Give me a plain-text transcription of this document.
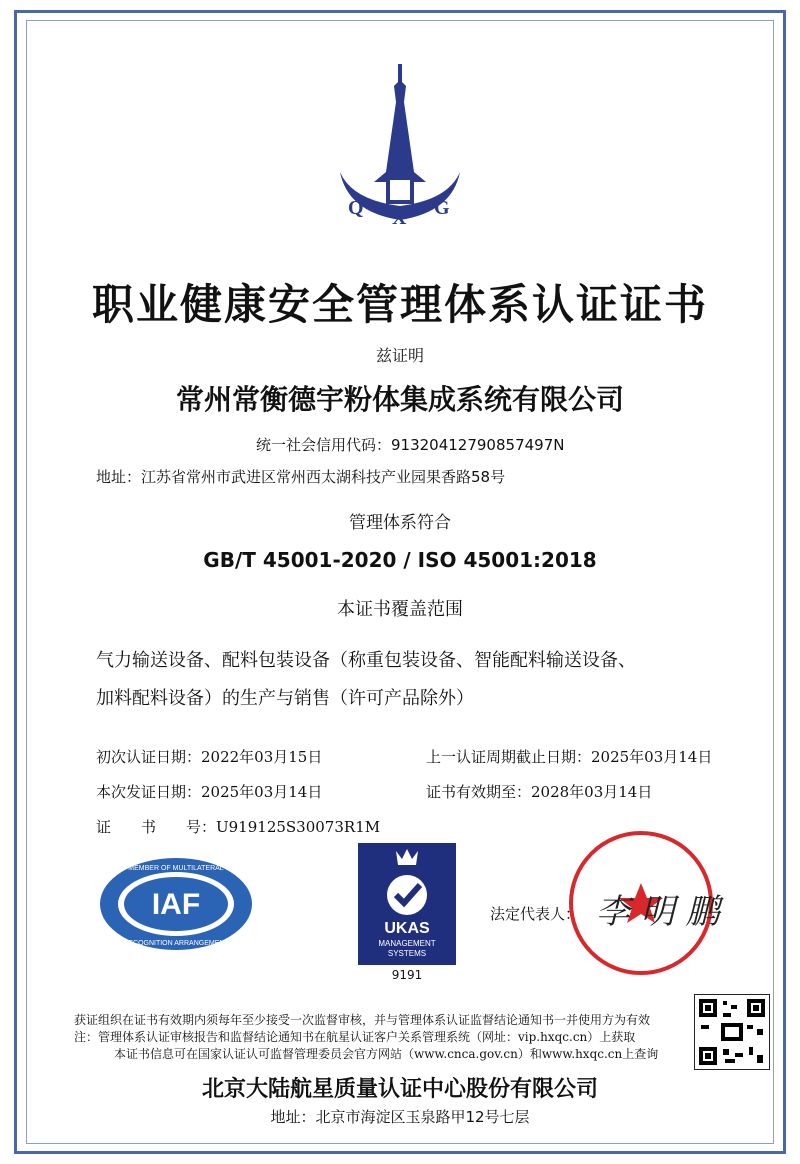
Q X G
职业健康安全管理体系认证证书
兹证明
常州常衡德宇粉体集成系统有限公司
统一社会信用代码：91320412790857497N
地址：江苏省常州市武进区常州西太湖科技产业园果香路58号
管理体系符合
GB/T 45001-2020 / ISO 45001:2018
本证书覆盖范围
气力输送设备、配料包装设备（称重包装设备、智能配料输送设备、
加料配料设备）的生产与销售（许可产品除外）
初次认证日期：2022年03月15日	上一认证周期截止日期：2025年03月14日
本次发证日期：2025年03月14日	证书有效期至：2028年03月14日
证　　书　　号：U919125S30073R1M
IAF
MEMBER OF MULTILATERAL
RECOGNITION ARRANGEMENT
UKAS
MANAGEMENT
SYSTEMS
9191
法定代表人： 李 明 鹏
获证组织在证书有效期内须每年至少接受一次监督审核，并与管理体系认证监督结论通知书一并使用方为有效
注：管理体系认证审核报告和监督结论通知书在航星认证客户关系管理系统（网址：vip.hxqc.cn）上获取
本证书信息可在国家认证认可监督管理委员会官方网站（www.cnca.gov.cn）和www.hxqc.cn上查询
北京大陆航星质量认证中心股份有限公司
地址：北京市海淀区玉泉路甲12号七层
